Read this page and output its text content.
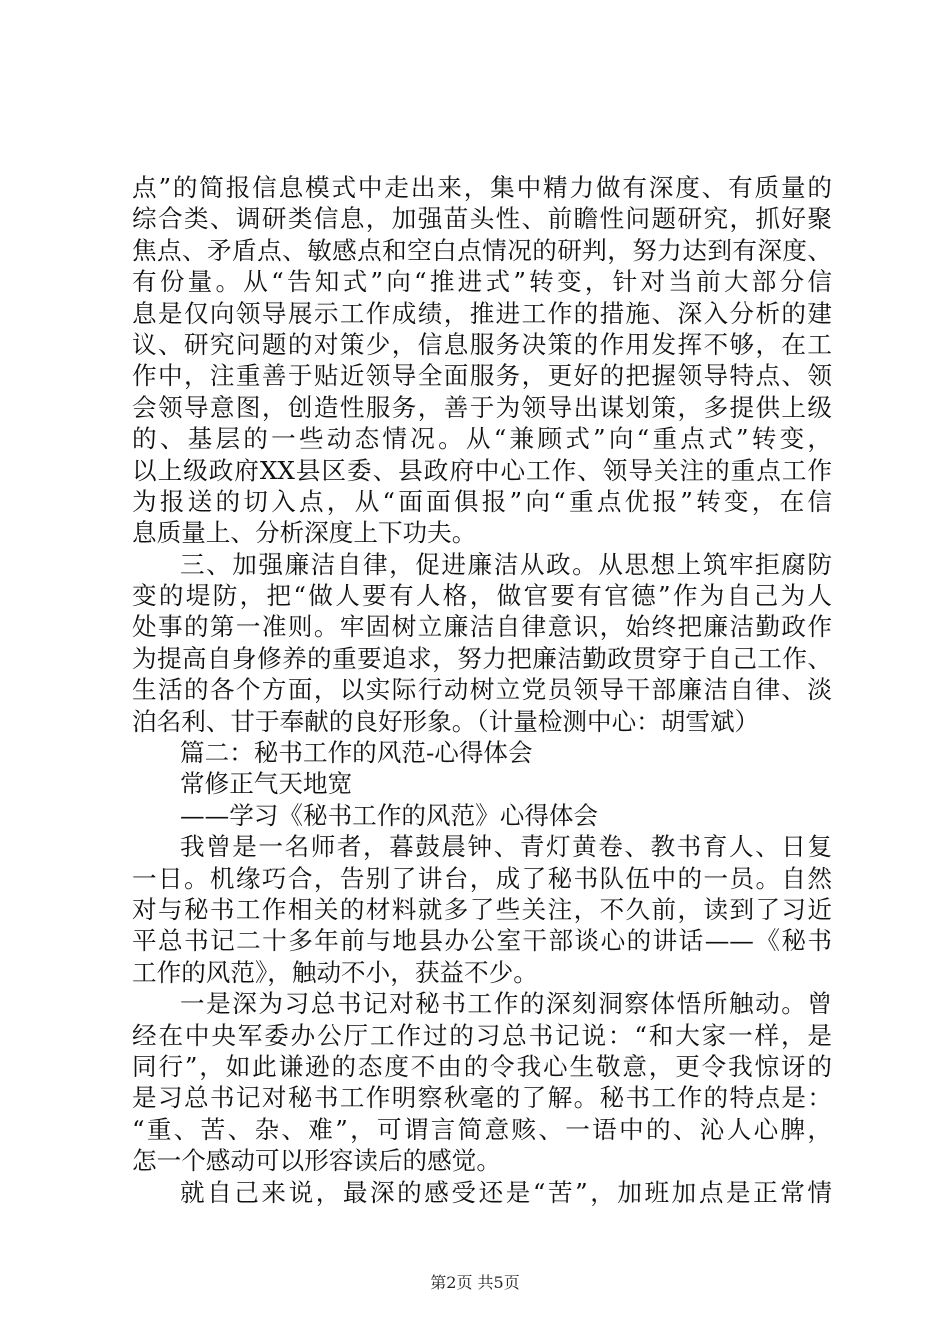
点”的简报信息模式中走出来，集中精力做有深度、有质量的
综合类、调研类信息，加强苗头性、前瞻性问题研究，抓好聚
焦点、矛盾点、敏感点和空白点情况的研判，努力达到有深度、
有份量。从“告知式”向“推进式”转变，针对当前大部分信
息是仅向领导展示工作成绩，推进工作的措施、深入分析的建
议、研究问题的对策少，信息服务决策的作用发挥不够，在工
作中，注重善于贴近领导全面服务，更好的把握领导特点、领
会领导意图，创造性服务，善于为领导出谋划策，多提供上级
的、基层的一些动态情况。从“兼顾式”向“重点式”转变，
以上级政府XX县区委、县政府中心工作、领导关注的重点工作
为报送的切入点，从“面面俱报”向“重点优报”转变，在信
息质量上、分析深度上下功夫。
三、加强廉洁自律，促进廉洁从政。从思想上筑牢拒腐防
变的堤防，把“做人要有人格，做官要有官德”作为自己为人
处事的第一准则。牢固树立廉洁自律意识，始终把廉洁勤政作
为提高自身修养的重要追求，努力把廉洁勤政贯穿于自己工作、
生活的各个方面，以实际行动树立党员领导干部廉洁自律、淡
泊名利、甘于奉献的良好形象。（计量检测中心：胡雪斌）
篇二：秘书工作的风范-心得体会
常修正气天地宽
——学习《秘书工作的风范》心得体会
我曾是一名师者，暮鼓晨钟、青灯黄卷、教书育人、日复
一日。机缘巧合，告别了讲台，成了秘书队伍中的一员。自然
对与秘书工作相关的材料就多了些关注，不久前，读到了习近
平总书记二十多年前与地县办公室干部谈心的讲话——《秘书
工作的风范》，触动不小，获益不少。
一是深为习总书记对秘书工作的深刻洞察体悟所触动。曾
经在中央军委办公厅工作过的习总书记说：“和大家一样，是
同行”，如此谦逊的态度不由的令我心生敬意，更令我惊讶的
是习总书记对秘书工作明察秋毫的了解。秘书工作的特点是：
“重、苦、杂、难”，可谓言简意赅、一语中的、沁人心脾，
怎一个感动可以形容读后的感觉。
就自己来说，最深的感受还是“苦”，加班加点是正常情
第2页 共5页
